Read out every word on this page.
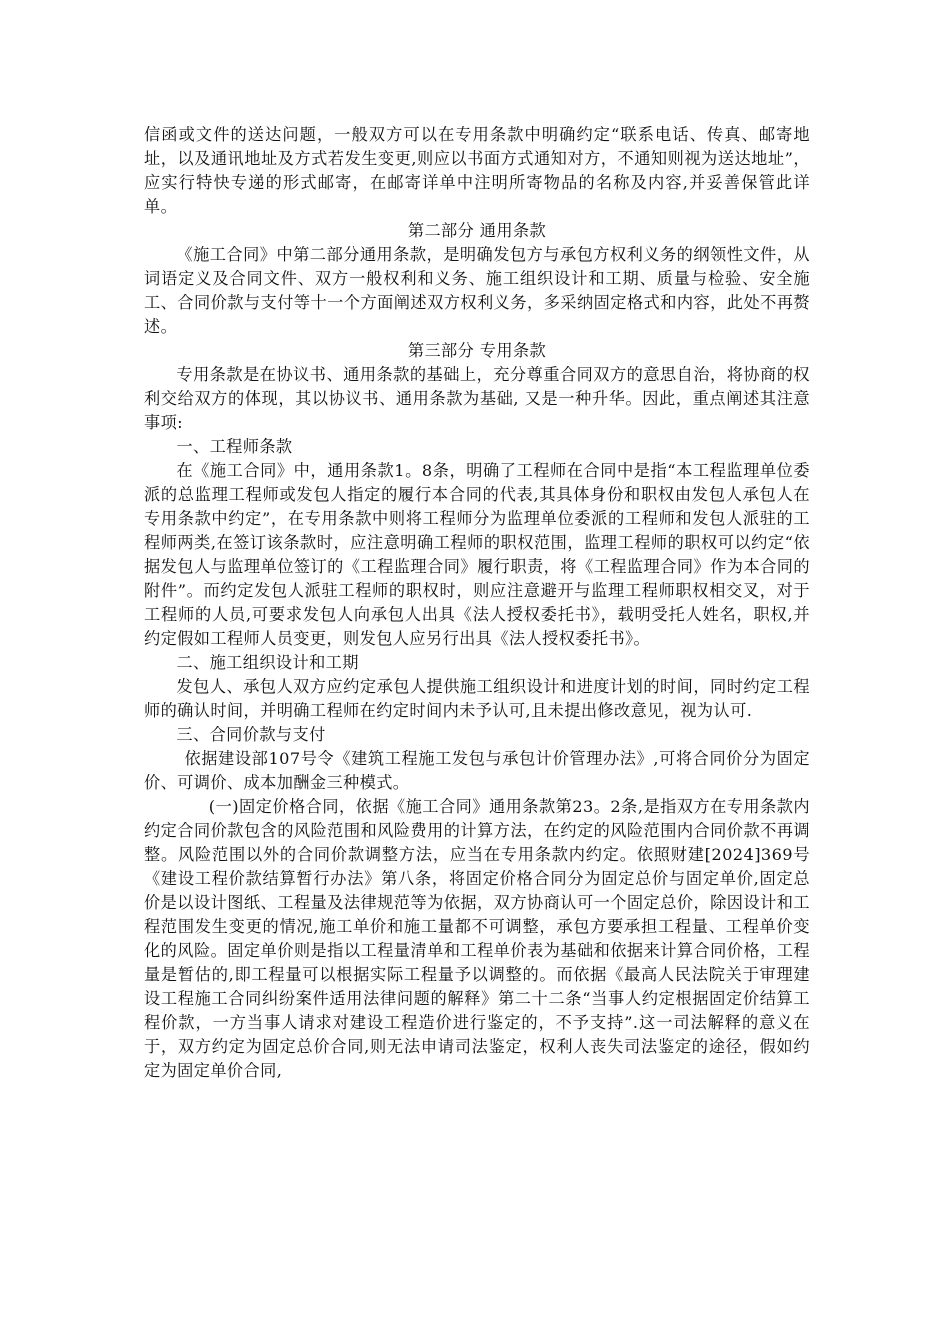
信函或文件的送达问题，一般双方可以在专用条款中明确约定“联系电话、传真、邮寄地址，以及通讯地址及方式若发生变更,则应以书面方式通知对方，不通知则视为送达地址”，应实行特快专递的形式邮寄，在邮寄详单中注明所寄物品的名称及内容,并妥善保管此详单。

第二部分 通用条款

《施工合同》中第二部分通用条款，是明确发包方与承包方权利义务的纲领性文件，从词语定义及合同文件、双方一般权利和义务、施工组织设计和工期、质量与检验、安全施工、合同价款与支付等十一个方面阐述双方权利义务，多采纳固定格式和内容，此处不再赘述。

第三部分 专用条款

专用条款是在协议书、通用条款的基础上，充分尊重合同双方的意思自治，将协商的权利交给双方的体现，其以协议书、通用条款为基础, 又是一种升华。因此，重点阐述其注意事项:

一、工程师条款

在《施工合同》中，通用条款1。8条，明确了工程师在合同中是指“本工程监理单位委派的总监理工程师或发包人指定的履行本合同的代表,其具体身份和职权由发包人承包人在专用条款中约定”，在专用条款中则将工程师分为监理单位委派的工程师和发包人派驻的工程师两类,在签订该条款时，应注意明确工程师的职权范围，监理工程师的职权可以约定“依据发包人与监理单位签订的《工程监理合同》履行职责，将《工程监理合同》作为本合同的附件”。而约定发包人派驻工程师的职权时，则应注意避开与监理工程师职权相交叉，对于工程师的人员,可要求发包人向承包人出具《法人授权委托书》，载明受托人姓名，职权,并约定假如工程师人员变更，则发包人应另行出具《法人授权委托书》。

二、施工组织设计和工期

发包人、承包人双方应约定承包人提供施工组织设计和进度计划的时间，同时约定工程师的确认时间，并明确工程师在约定时间内未予认可,且未提出修改意见，视为认可.

三、合同价款与支付

依据建设部107号令《建筑工程施工发包与承包计价管理办法》,可将合同价分为固定价、可调价、成本加酬金三种模式。

(一)固定价格合同，依据《施工合同》通用条款第23。2条,是指双方在专用条款内约定合同价款包含的风险范围和风险费用的计算方法，在约定的风险范围内合同价款不再调整。风险范围以外的合同价款调整方法，应当在专用条款内约定。依照财建[2024]369号《建设工程价款结算暂行办法》第八条，将固定价格合同分为固定总价与固定单价,固定总价是以设计图纸、工程量及法律规范等为依据，双方协商认可一个固定总价，除因设计和工程范围发生变更的情况,施工单价和施工量都不可调整，承包方要承担工程量、工程单价变化的风险。固定单价则是指以工程量清单和工程单价表为基础和依据来计算合同价格，工程量是暂估的,即工程量可以根据实际工程量予以调整的。而依据《最高人民法院关于审理建设工程施工合同纠纷案件适用法律问题的解释》第二十二条“当事人约定根据固定价结算工程价款，一方当事人请求对建设工程造价进行鉴定的，不予支持”.这一司法解释的意义在于，双方约定为固定总价合同,则无法申请司法鉴定，权利人丧失司法鉴定的途径，假如约定为固定单价合同,
